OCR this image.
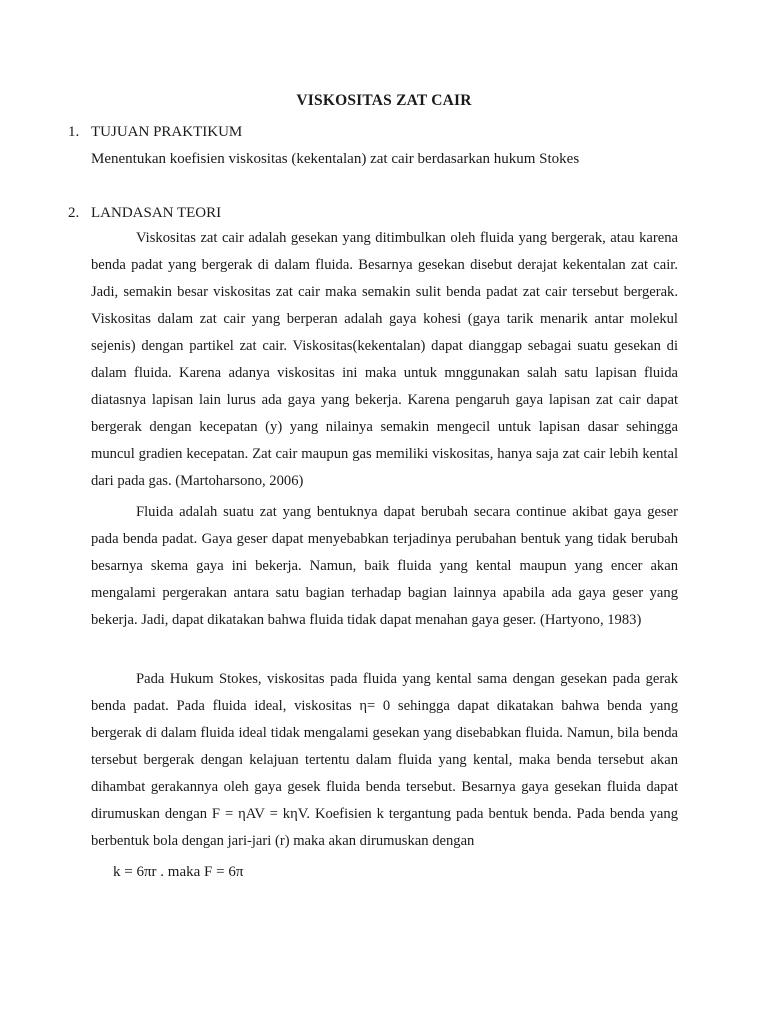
VISKOSITAS ZAT CAIR
1. TUJUAN PRAKTIKUM
Menentukan koefisien viskositas (kekentalan) zat cair berdasarkan hukum Stokes
2. LANDASAN TEORI

Viskositas zat cair adalah gesekan yang ditimbulkan oleh fluida yang bergerak, atau karena benda padat yang bergerak di dalam fluida. Besarnya gesekan disebut derajat kekentalan zat cair. Jadi, semakin besar viskositas zat cair maka semakin sulit benda padat zat cair tersebut bergerak. Viskositas dalam zat cair yang berperan adalah gaya kohesi (gaya tarik menarik antar molekul sejenis) dengan partikel zat cair. Viskositas(kekentalan) dapat dianggap sebagai suatu gesekan di dalam fluida. Karena adanya viskositas ini maka untuk mnggunakan salah satu lapisan fluida diatasnya lapisan lain lurus ada gaya yang bekerja. Karena pengaruh gaya lapisan zat cair dapat bergerak dengan kecepatan (y) yang nilainya semakin mengecil untuk lapisan dasar sehingga muncul gradien kecepatan. Zat cair maupun gas memiliki viskositas, hanya saja zat cair lebih kental dari pada gas. (Martoharsono, 2006)

Fluida adalah suatu zat yang bentuknya dapat berubah secara continue akibat gaya geser pada benda padat. Gaya geser dapat menyebabkan terjadinya perubahan bentuk yang tidak berubah besarnya skema gaya ini bekerja. Namun, baik fluida yang kental maupun yang encer akan mengalami pergerakan antara satu bagian terhadap bagian lainnya apabila ada gaya geser yang bekerja. Jadi, dapat dikatakan bahwa fluida tidak dapat menahan gaya geser. (Hartyono, 1983)

Pada Hukum Stokes, viskositas pada fluida yang kental sama dengan gesekan pada gerak benda padat. Pada fluida ideal, viskositas η= 0 sehingga dapat dikatakan bahwa benda yang bergerak di dalam fluida ideal tidak mengalami gesekan yang disebabkan fluida. Namun, bila benda tersebut bergerak dengan kelajuan tertentu dalam fluida yang kental, maka benda tersebut akan dihambat gerakannya oleh gaya gesek fluida benda tersebut. Besarnya gaya gesekan fluida dapat dirumuskan dengan F = ηAV = kηV. Koefisien k tergantung pada bentuk benda. Pada benda yang berbentuk bola dengan jari-jari (r) maka akan dirumuskan dengan

k = 6πr . maka F = 6π
